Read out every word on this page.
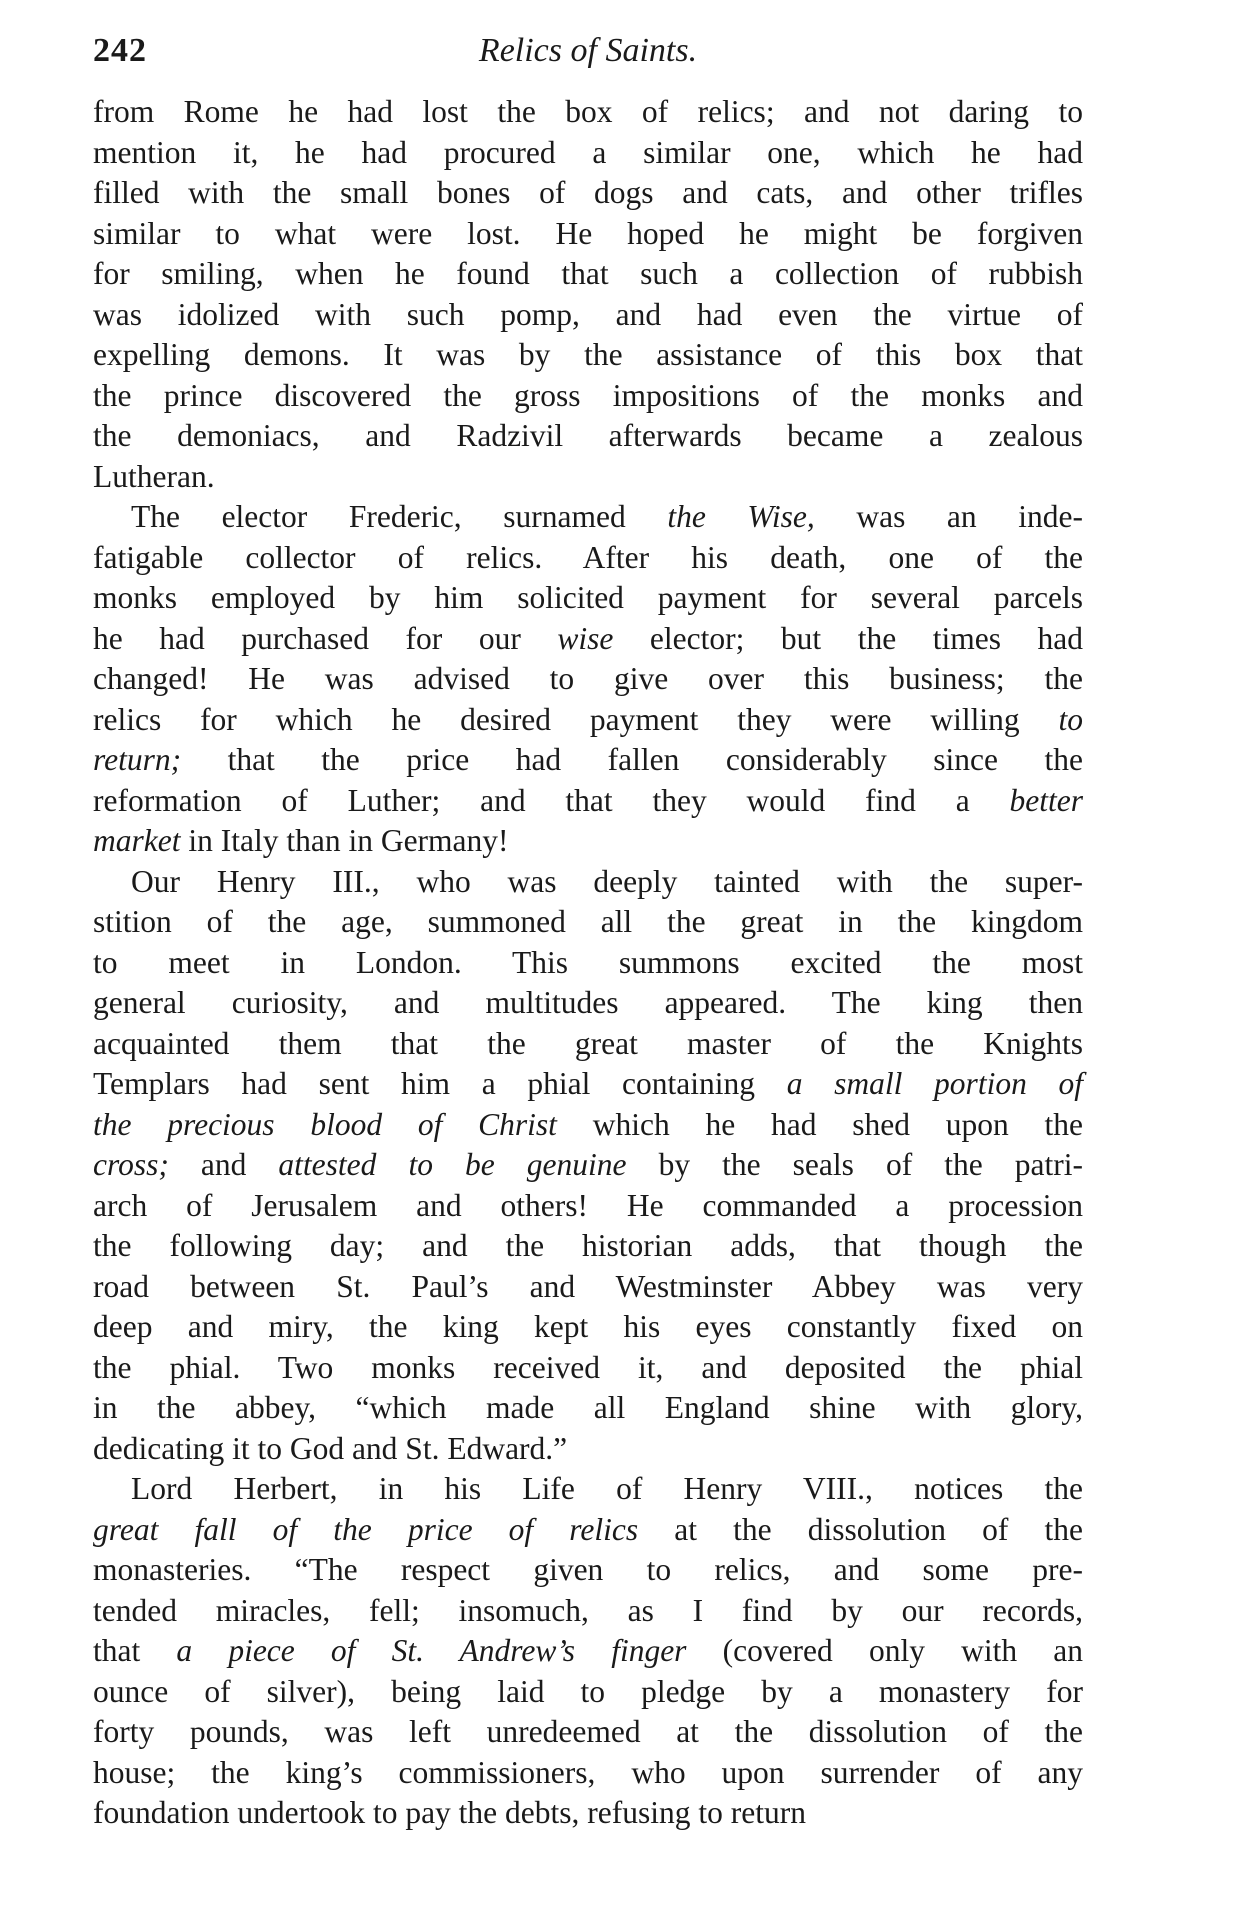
242	Relics of Saints.
from Rome he had lost the box of relics; and not daring to
mention it, he had procured a similar one, which he had
filled with the small bones of dogs and cats, and other trifles
similar to what were lost. He hoped he might be forgiven
for smiling, when he found that such a collection of rubbish
was idolized with such pomp, and had even the virtue of
expelling demons. It was by the assistance of this box that
the prince discovered the gross impositions of the monks and
the demoniacs, and Radzivil afterwards became a zealous
Lutheran.
The elector Frederic, surnamed the Wise, was an inde-
fatigable collector of relics. After his death, one of the
monks employed by him solicited payment for several parcels
he had purchased for our wise elector; but the times had
changed! He was advised to give over this business; the
relics for which he desired payment they were willing to
return; that the price had fallen considerably since the
reformation of Luther; and that they would find a better
market in Italy than in Germany!
Our Henry III., who was deeply tainted with the super-
stition of the age, summoned all the great in the kingdom
to meet in London. This summons excited the most
general curiosity, and multitudes appeared. The king then
acquainted them that the great master of the Knights
Templars had sent him a phial containing a small portion of
the precious blood of Christ which he had shed upon the
cross; and attested to be genuine by the seals of the patri-
arch of Jerusalem and others! He commanded a procession
the following day; and the historian adds, that though the
road between St. Paul’s and Westminster Abbey was very
deep and miry, the king kept his eyes constantly fixed on
the phial. Two monks received it, and deposited the phial
in the abbey, “which made all England shine with glory,
dedicating it to God and St. Edward.”
Lord Herbert, in his Life of Henry VIII., notices the
great fall of the price of relics at the dissolution of the
monasteries. “The respect given to relics, and some pre-
tended miracles, fell; insomuch, as I find by our records,
that a piece of St. Andrew’s finger (covered only with an
ounce of silver), being laid to pledge by a monastery for
forty pounds, was left unredeemed at the dissolution of the
house; the king’s commissioners, who upon surrender of any
foundation undertook to pay the debts, refusing to return
